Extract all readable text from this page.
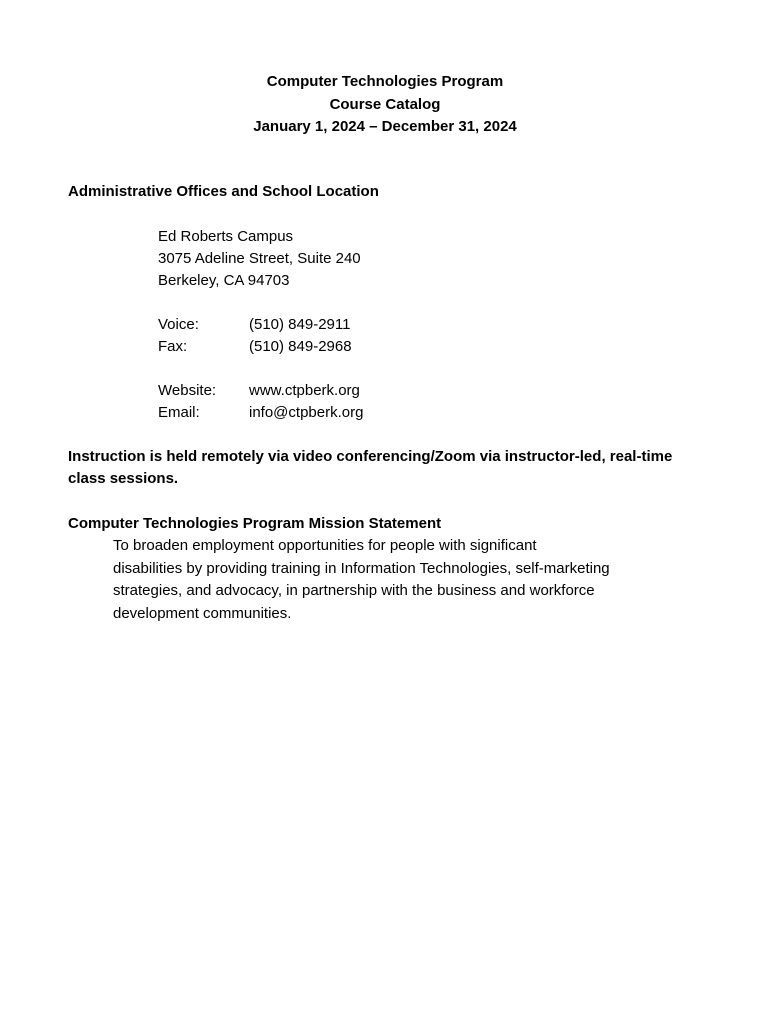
Computer Technologies Program
Course Catalog
January 1, 2024 – December 31, 2024
Administrative Offices and School Location
Ed Roberts Campus
3075 Adeline Street, Suite 240
Berkeley, CA 94703
Voice:	(510) 849-2911
Fax:	(510) 849-2968
Website:	www.ctpberk.org
Email:	info@ctpberk.org
Instruction is held remotely via video conferencing/Zoom via instructor-led, real-time class sessions.
Computer Technologies Program Mission Statement
To broaden employment opportunities for people with significant
disabilities by providing training in Information Technologies, self-marketing
strategies, and advocacy, in partnership with the business and workforce
development communities.
